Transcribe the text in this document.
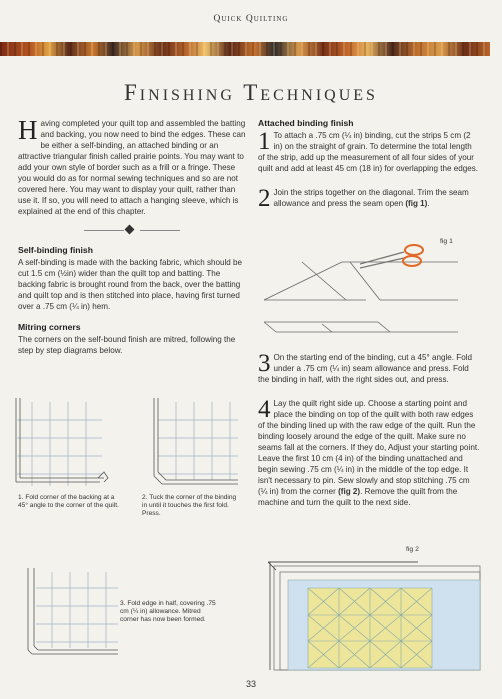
Quick Quilting
Finishing Techniques

Having completed your quilt top and assembled the batting and backing, you now need to bind the edges. These can be either a self-binding, an attached binding or an attractive triangular finish called prairie points. You may want to add your own style of border such as a frill or a fringe. These you would do as for normal sewing techniques and so are not covered here. You may want to display your quilt, rather than use it. If so, you will need to attach a hanging sleeve, which is explained at the end of this chapter.

Self-binding finish

A self-binding is made with the backing fabric, which should be cut 1.5 cm (½in) wider than the quilt top and batting. The backing fabric is brought round from the back, over the batting and quilt top and is then stitched into place, having first turned over a .75 cm (¼ in) hem.

Mitring corners

The corners on the self-bound finish are mitred, following the step by step diagrams below.

1. Fold corner of the backing at a 45° angle to the corner of the quilt.
2. Tuck the corner of the binding in until it touches the first fold. Press.
3. Fold edge in half, covering .75 cm (¼ in) allowance. Mitred corner has now been formed.
Attached binding finish

1 To attach a .75 cm (¼ in) binding, cut the strips 5 cm (2 in) on the straight of grain. To determine the total length of the strip, add up the measurement of all four sides of your quilt and add at least 45 cm (18 in) for overlapping the edges.

2 Join the strips together on the diagonal. Trim the seam allowance and press the seam open (fig 1).

fig 1

3 On the starting end of the binding, cut a 45° angle. Fold under a .75 cm (¼ in) seam allowance and press. Fold the binding in half, with the right sides out, and press.

4 Lay the quilt right side up. Choose a starting point and place the binding on top of the quilt with both raw edges of the binding lined up with the raw edge of the quilt. Run the binding loosely around the edge of the quilt. Make sure no seams fall at the corners. If they do, Adjust your starting point. Leave the first 10 cm (4 in) of the binding unattached and begin sewing .75 cm (¼ in) in the middle of the top edge. It isn't necessary to pin. Sew slowly and stop stitching .75 cm (¼ in) from the corner (fig 2). Remove the quilt from the machine and turn the quilt to the next side.

fig 2
33
